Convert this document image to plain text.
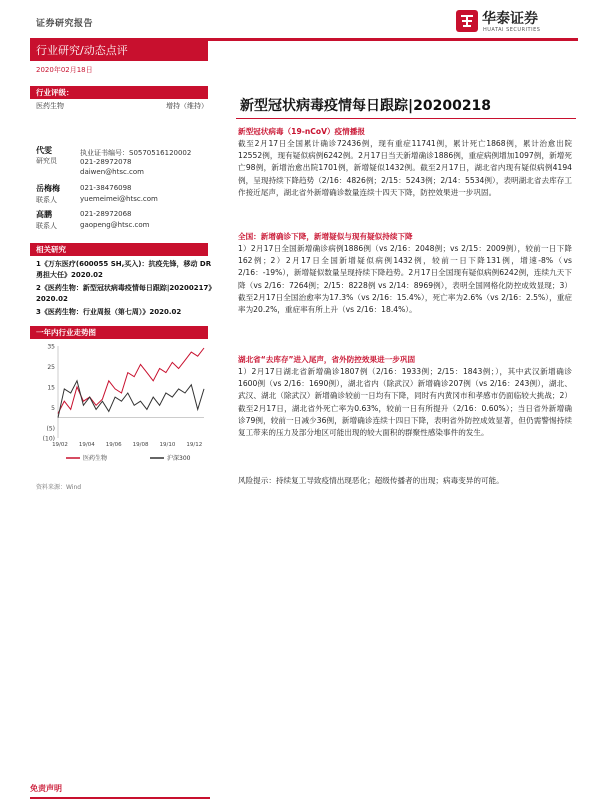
证券研究报告	华泰证券
HUATAI SECURITIES
行业研究/动态点评
2020年02月18日
行业评级：
医药生物	增持（维持）
代雯
研究员
执业证书编号：S0570516120002
021-28972078
daiwen@htsc.com
岳梅梅
联系人
021-38476098
yuemeimei@htsc.com
高鹏
联系人
021-28972068
gaopeng@htsc.com
相关研究
1《万东医疗(600055 SH,买入)：抗疫先锋，移动 DR 勇担大任》2020.02
2《医药生物：新型冠状病毒疫情每日跟踪|20200217》2020.02
3《医药生物：行业周报（第七周）》2020.02
一年内行业走势图
35
25
15
5
(5)
(10)
19/02 19/04 19/06 19/08 19/10 19/12
医药生物	沪深300
资料来源：Wind
新型冠状病毒疫情每日跟踪|20200218
新型冠状病毒（19-nCoV）疫情播报
截至2月17日全国累计确诊72436例，现有重症11741例，累计死亡1868例，累计治愈出院12552例，现有疑似病例6242例。2月17日当天新增确诊1886例，重症病例增加1097例，新增死亡98例，新增治愈出院1701例，新增疑似1432例。截至2月17日，湖北省内现有疑似病例4194例，呈现持续下降趋势（2/16：4826例；2/15：5243例；2/14：5534例），表明湖北省去库存工作接近尾声，湖北省外新增确诊数量连续十四天下降，防控效果进一步巩固。
全国：新增确诊下降，新增疑似与现有疑似持续下降
1）2月17日全国新增确诊病例1886例（vs 2/16：2048例；vs 2/15：2009例），较前一日下降162例；2）2月17日全国新增疑似病例1432例，较前一日下降131例，增速-8%（vs 2/16：-19%），新增疑似数量呈现持续下降趋势。2月17日全国现有疑似病例6242例，连续九天下降（vs 2/16：7264例；2/15：8228例 vs 2/14：8969例），表明全国网格化防控成效显现；3）截至2月17日全国治愈率为17.3%（vs 2/16：15.4%），死亡率为2.6%（vs 2/16：2.5%），重症率为20.2%，重症率有所上升（vs 2/16：18.4%）。
湖北省“去库存”进入尾声，省外防控效果进一步巩固
1）2月17日湖北省新增确诊1807例（2/16：1933例；2/15：1843例；），其中武汉新增确诊1600例（vs 2/16：1690例），湖北省内（除武汉）新增确诊207例（vs 2/16：243例），湖北、武汉、湖北（除武汉）新增确诊较前一日均有下降，同时有内黄冈市和孝感市仍面临较大挑战；2）截至2月17日，湖北省外死亡率为0.63%，较前一日有所提升（2/16：0.60%）；当日省外新增确诊79例，较前一日减少36例，新增确诊连续十四日下降，表明省外防控成效显著，但仍需警惕持续复工带来的压力及部分地区可能出现的较大面积的群聚性感染事件的发生。
风险提示：持续复工导致疫情出现恶化；超级传播者的出现；病毒变异的可能。
免责声明
